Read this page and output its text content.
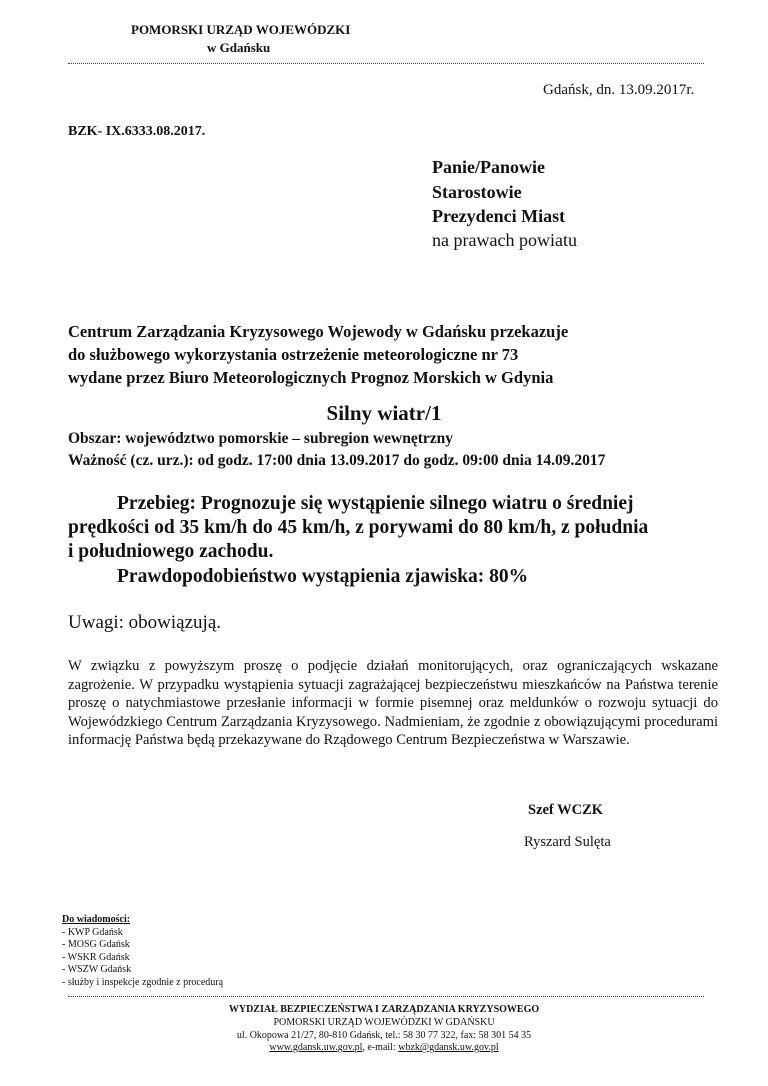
POMORSKI URZĄD WOJEWÓDZKI
w Gdańsku
Gdańsk, dn. 13.09.2017r.
BZK- IX.6333.08.2017.
Panie/Panowie
Starostowie
Prezydenci Miast
na prawach powiatu
Centrum Zarządzania Kryzysowego Wojewody w Gdańsku przekazuje
do służbowego wykorzystania ostrzeżenie meteorologiczne nr 73
wydane przez Biuro Meteorologicznych Prognoz Morskich w Gdynia
Silny wiatr/1
Obszar: województwo pomorskie – subregion wewnętrzny
Ważność (cz. urz.): od godz. 17:00 dnia 13.09.2017 do godz. 09:00 dnia 14.09.2017
Przebieg: Prognozuje się wystąpienie silnego wiatru o średniej
prędkości od 35 km/h do 45 km/h, z porywami do 80 km/h, z południa
i południowego zachodu.
Prawdopodobieństwo wystąpienia zjawiska: 80%
Uwagi: obowiązują.
W związku z powyższym proszę o podjęcie działań monitorujących, oraz ograniczających wskazane zagrożenie. W przypadku wystąpienia sytuacji zagrażającej bezpieczeństwu mieszkańców na Państwa terenie proszę o natychmiastowe przesłanie informacji w formie pisemnej oraz meldunków o rozwoju sytuacji do Wojewódzkiego Centrum Zarządzania Kryzysowego. Nadmieniam, że zgodnie z obowiązującymi procedurami informację Państwa będą przekazywane do Rządowego Centrum Bezpieczeństwa w Warszawie.
Szef WCZK
Ryszard Sulęta
Do wiadomości:
- KWP Gdańsk
- MOSG Gdańsk
- WSKR Gdańsk
- WSZW Gdańsk
- służby i inspekcje zgodnie z procedurą
WYDZIAŁ BEZPIECZEŃSTWA I ZARZĄDZANIA KRYZYSOWEGO
POMORSKI URZĄD WOJEWÓDZKI W GDAŃSKU
ul. Okopowa 21/27, 80-810 Gdańsk, tel.: 58 30 77 322, fax: 58 301 54 35
www.gdansk.uw.gov.pl, e-mail: wbzk@gdansk.uw.gov.pl
